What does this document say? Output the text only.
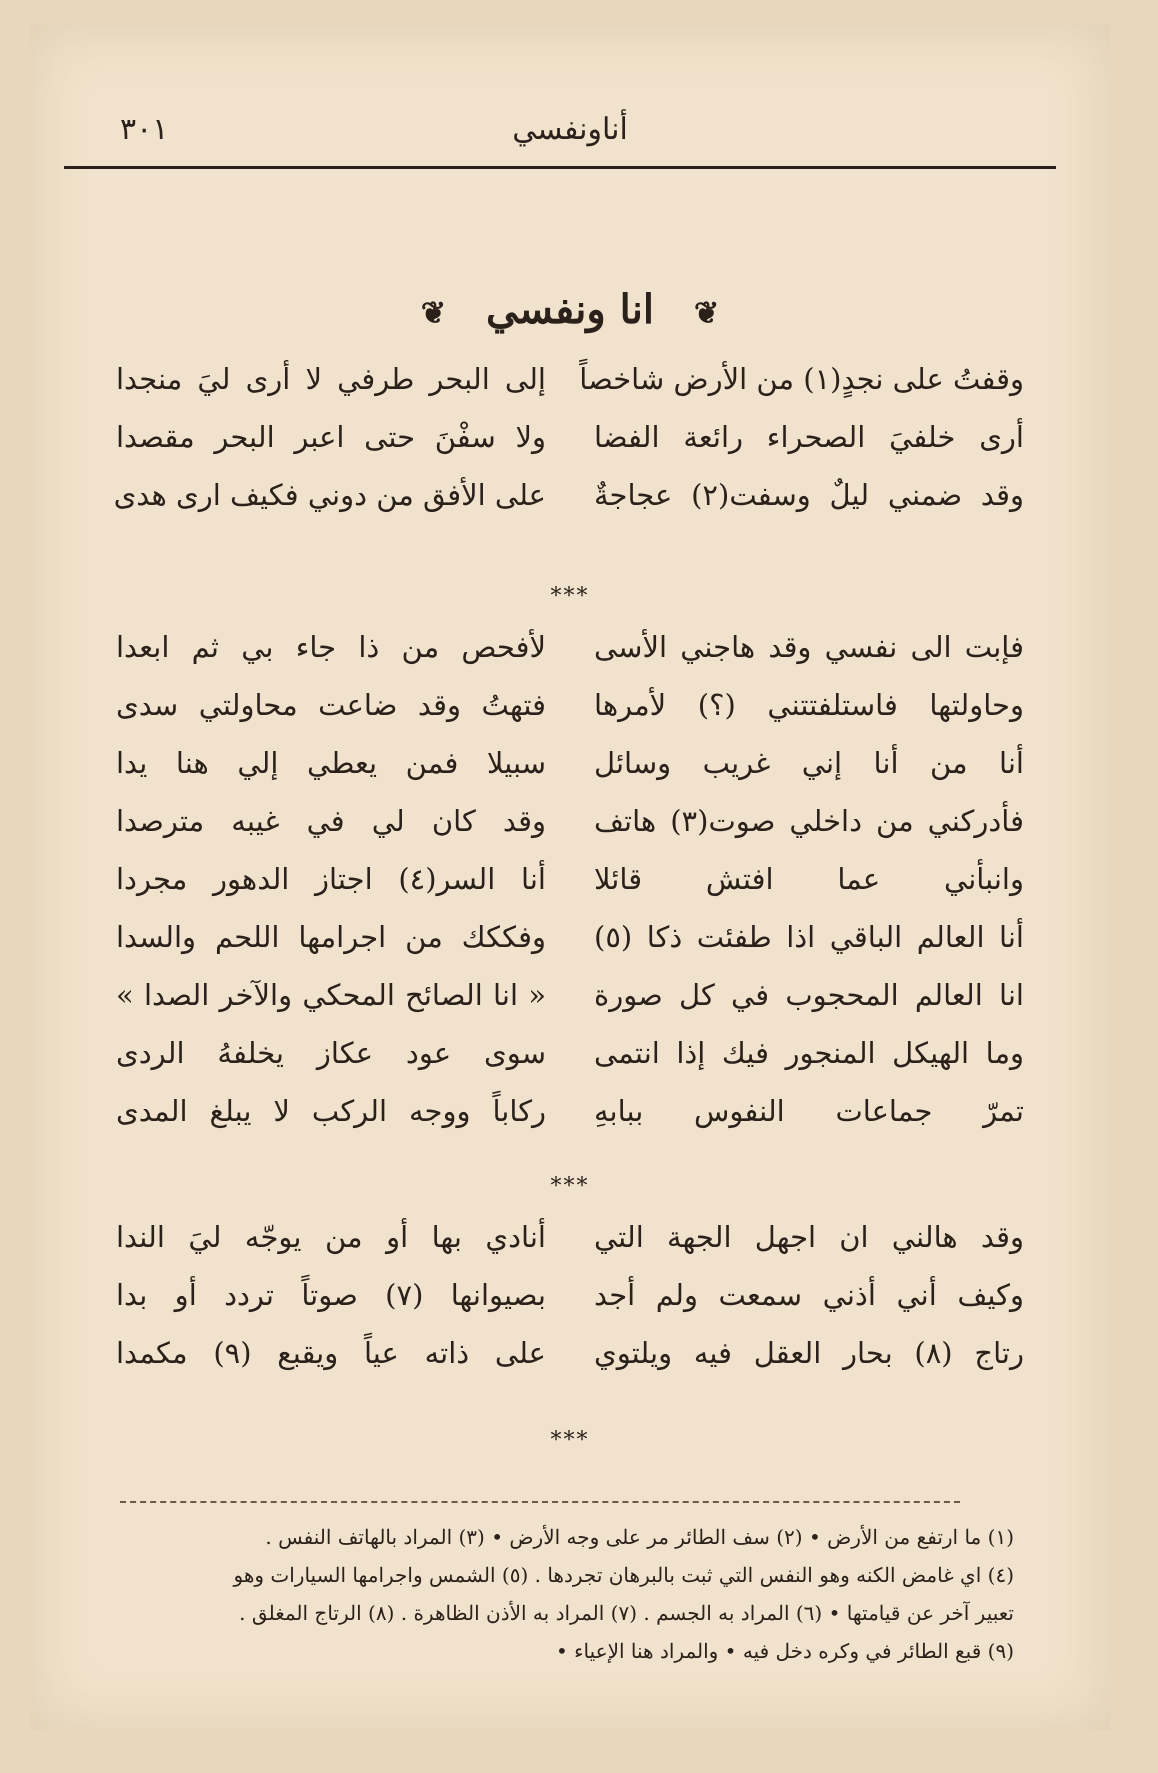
أناونفسي
٣٠١
❦ انا ونفسي ❦
وقفتُ على نجدٍ(١) من الأرض شاخصاً
إلى البحر طرفي لا أرى ليَ منجدا
أرى خلفيَ الصحراء رائعة الفضا
ولا سفْنَ حتى اعبر البحر مقصدا
وقد ضمني ليلٌ وسفت(٢) عجاجةٌ
على الأفق من دوني فكيف ارى هدى
***
فإبت الى نفسي وقد هاجني الأسى
لأفحص من ذا جاء بي ثم ابعدا
وحاولتها فاستلفتتني (؟) لأمرها
فتهتُ وقد ضاعت محاولتي سدى
أنا من أنا إني غريب وسائل
سبيلا فمن يعطي إلي هنا يدا
فأدركني من داخلي صوت(٣) هاتف
وقد كان لي في غيبه مترصدا
وانبأني عما افتش قائلا
أنا السر(٤) اجتاز الدهور مجردا
أنا العالم الباقي اذا طفئت ذكا (٥)
وفككك من اجرامها اللحم والسدا
انا العالم المحجوب في كل صورة
« انا الصائح المحكي والآخر الصدا »
وما الهيكل المنجور فيك إذا انتمى
سوى عود عكاز يخلفهُ الردى
تمرّ جماعات النفوس ببابهِ
ركاباً ووجه الركب لا يبلغ المدى
***
وقد هالني ان اجهل الجهة التي
أنادي بها أو من يوجّه ليَ الندا
وكيف أني أذني سمعت ولم أجد
بصيوانها (٧) صوتاً تردد أو بدا
رتاج (٨) بحار العقل فيه ويلتوي
على ذاته عياً ويقبع (٩) مكمدا
***
(١) ما ارتفع من الأرض • (٢) سف الطائر مر على وجه الأرض • (٣) المراد بالهاتف النفس .
(٤) اي غامض الكنه وهو النفس التي ثبت بالبرهان تجردها . (٥) الشمس واجرامها السيارات وهو
تعبير آخر عن قيامتها • (٦) المراد به الجسم . (٧) المراد به الأذن الظاهرة . (٨) الرتاج المغلق .
(٩) قبع الطائر في وكره دخل فيه • والمراد هنا الإعياء •
